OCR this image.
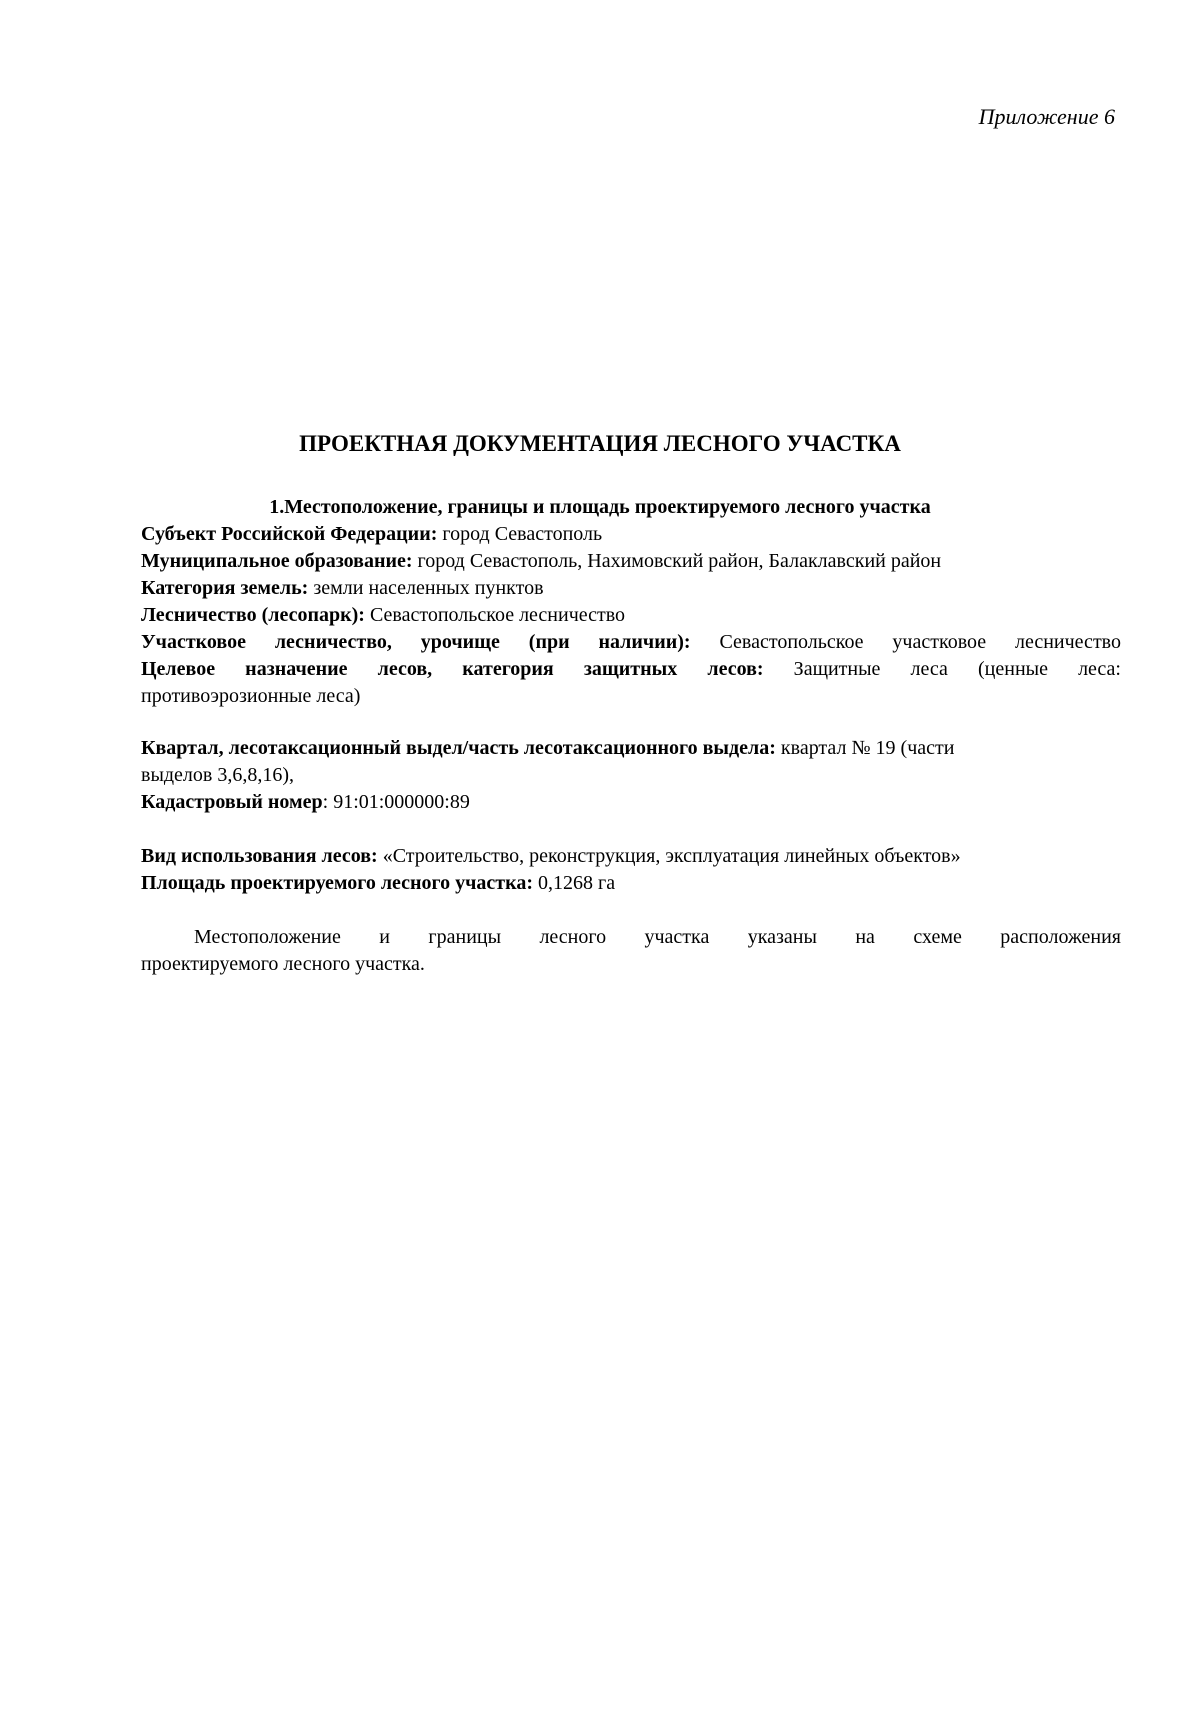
Приложение 6
ПРОЕКТНАЯ ДОКУМЕНТАЦИЯ ЛЕСНОГО УЧАСТКА
1.Местоположение, границы и площадь проектируемого лесного участка
Субъект Российской Федерации: город Севастополь
Муниципальное образование: город Севастополь, Нахимовский район, Балаклавский район
Категория земель: земли населенных пунктов
Лесничество (лесопарк): Севастопольское лесничество
Участковое лесничество, урочище (при наличии): Севастопольское участковое лесничество
Целевое назначение лесов, категория защитных лесов: Защитные леса (ценные леса:
противоэрозионные леса)
Квартал, лесотаксационный выдел/часть лесотаксационного выдела: квартал № 19 (части
выделов 3,6,8,16),
Кадастровый номер: 91:01:000000:89
Вид использования лесов: «Строительство, реконструкция, эксплуатация линейных объектов»
Площадь проектируемого лесного участка: 0,1268 га
Местоположение и границы лесного участка указаны на схеме расположения
проектируемого лесного участка.
